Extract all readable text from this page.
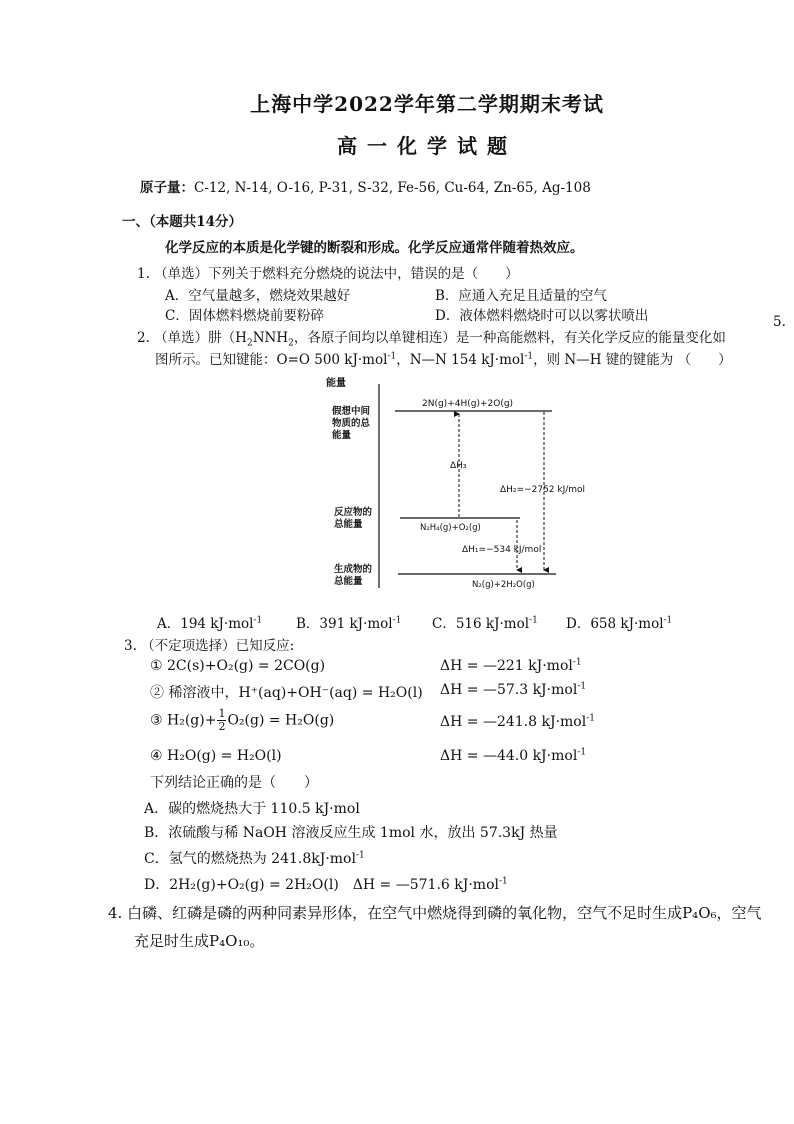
上海中学2022学年第二学期期末考试
高一化学试题
原子量：C-12, N-14, O-16, P-31, S-32, Fe-56, Cu-64, Zn-65, Ag-108
一、（本题共14分）
化学反应的本质是化学键的断裂和形成。化学反应通常伴随着热效应。
5.
1. （单选）下列关于燃料充分燃烧的说法中，错误的是（　　）
A．空气量越多，燃烧效果越好	B．应通入充足且适量的空气
C．固体燃料燃烧前要粉碎	D．液体燃料燃烧时可以以雾状喷出
2. （单选）肼（$H_2NNH_2$，各原子间均以单键相连）是一种高能燃料，有关化学反应的能量变化如
图所示。已知键能：O=O 500 kJ·mol$^{-1}$，N—N 154 kJ·mol$^{-1}$，则 N—H 键的键能为 （　　）
能量
假想中间
物质的总
能量
反应物的
总能量
生成物的
总能量
2N(g)+4H(g)+2O(g)
N₂H₄(g)+O₂(g)
N₂(g)+2H₂O(g)
ΔH₃
ΔH₂=−2752 kJ/mol
ΔH₁=−534 kJ/mol
A．194 kJ·mol$^{-1}$	B．391 kJ·mol$^{-1}$ C．516 kJ·mol$^{-1}$ D．658 kJ·mol$^{-1}$
3. （不定项选择）已知反应:
① 2C(s)+O₂(g) = 2CO(g)	ΔH = —221 kJ·mol$^{-1}$
② 稀溶液中，H⁺(aq)+OH⁻(aq) = H₂O(l) ΔH = —57.3 kJ·mol$^{-1}$
③ $H_2(g)+ \frac{1}{2} O_2(g) = H_2O(g)$	ΔH = —241.8 kJ·mol$^{-1}$
④ H₂O(g) = H₂O(l)	ΔH = —44.0 kJ·mol$^{-1}$
下列结论正确的是（　　）
A．碳的燃烧热大于 110.5 kJ·mol
B．浓硫酸与稀 NaOH 溶液反应生成 1mol 水，放出 57.3kJ 热量
C．氢气的燃烧热为 241.8kJ·mol$^{-1}$
D．2H₂(g)+O₂(g) = 2H₂O(l)　ΔH = —571.6 kJ·mol$^{-1}$
4. 白磷、红磷是磷的两种同素异形体，在空气中燃烧得到磷的氧化物，空气不足时生成P₄O₆，空气
充足时生成P₄O₁₀。
